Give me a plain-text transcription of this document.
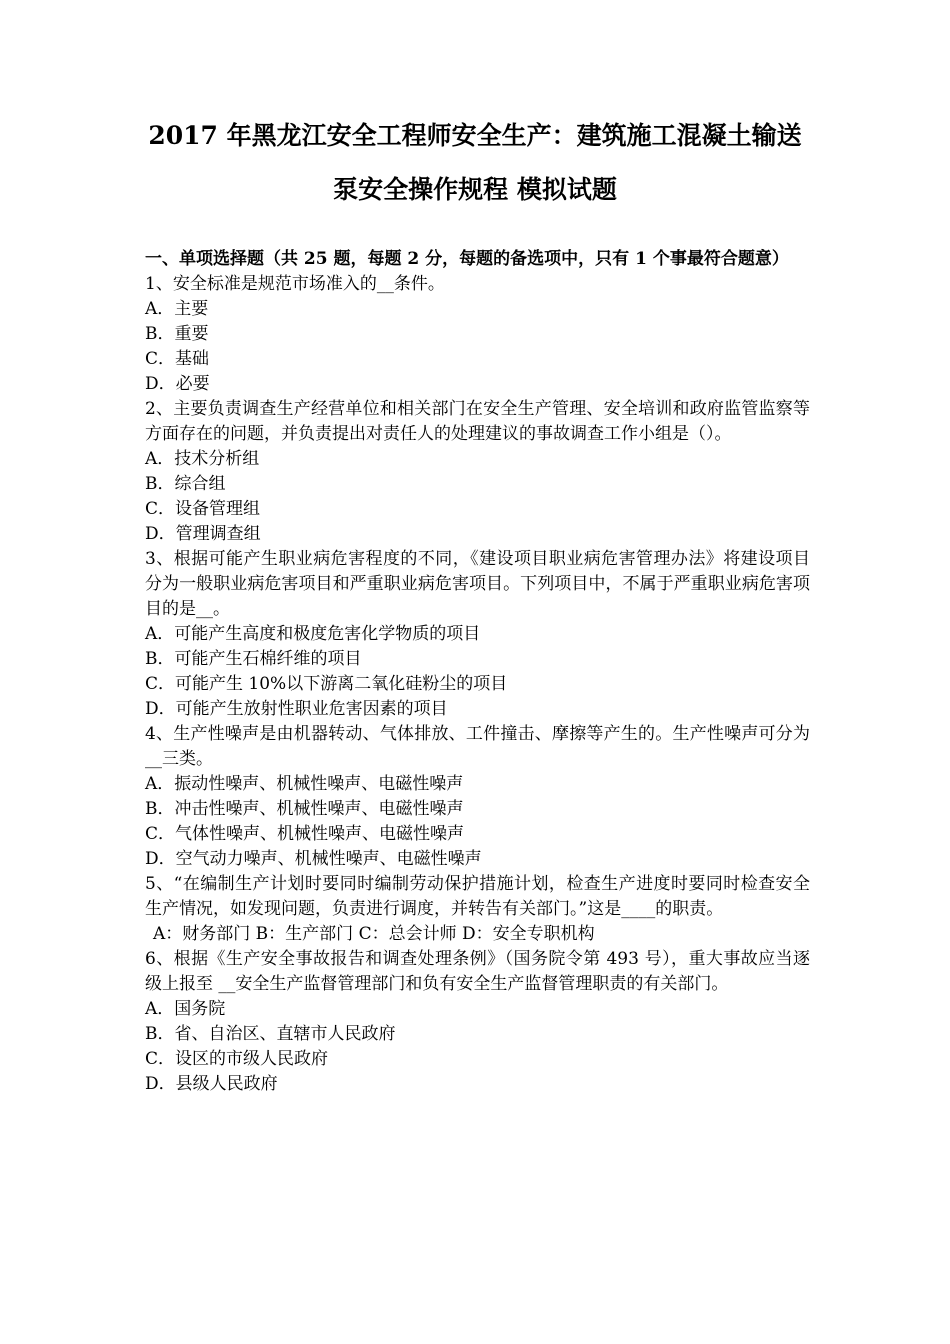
2017 年黑龙江安全工程师安全生产：建筑施工混凝土输送
泵安全操作规程 模拟试题
一、单项选择题（共 25 题，每题 2 分，每题的备选项中，只有 1 个事最符合题意）
1、安全标准是规范市场准入的__条件。
A．主要
B．重要
C．基础
D．必要
2、主要负责调查生产经营单位和相关部门在安全生产管理、安全培训和政府监管监察等方面存在的问题，并负责提出对责任人的处理建议的事故调查工作小组是（）。
A．技术分析组
B．综合组
C．设备管理组
D．管理调查组
3、根据可能产生职业病危害程度的不同，《建设项目职业病危害管理办法》将建设项目分为一般职业病危害项目和严重职业病危害项目。下列项目中，不属于严重职业病危害项目的是__。
A．可能产生高度和极度危害化学物质的项目
B．可能产生石棉纤维的项目
C．可能产生 10%以下游离二氧化硅粉尘的项目
D．可能产生放射性职业危害因素的项目
4、生产性噪声是由机器转动、气体排放、工件撞击、摩擦等产生的。生产性噪声可分为__三类。
A．振动性噪声、机械性噪声、电磁性噪声
B．冲击性噪声、机械性噪声、电磁性噪声
C．气体性噪声、机械性噪声、电磁性噪声
D．空气动力噪声、机械性噪声、电磁性噪声
5、“在编制生产计划时要同时编制劳动保护措施计划，检查生产进度时要同时检查安全 生产情况，如发现问题，负责进行调度，并转告有关部门。”这是____的职责。
A：财务部门 B：生产部门 C：总会计师 D：安全专职机构
6、根据《生产安全事故报告和调查处理条例》（国务院令第 493 号），重大事故应当逐级上报至 __安全生产监督管理部门和负有安全生产监督管理职责的有关部门。
A．国务院
B．省、自治区、直辖市人民政府
C．设区的市级人民政府
D．县级人民政府
